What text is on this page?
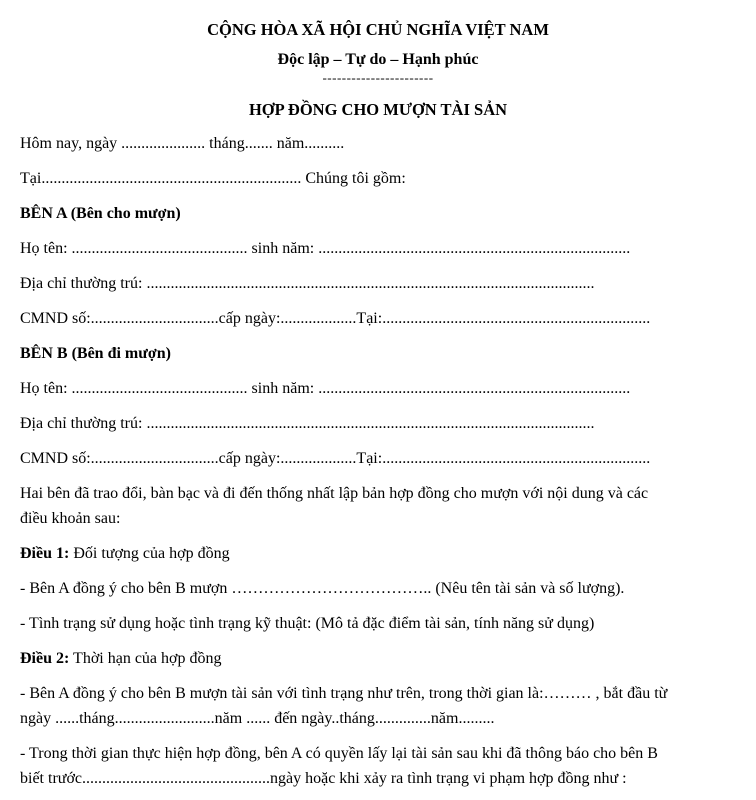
CỘNG HÒA XÃ HỘI CHỦ NGHĨA VIỆT NAM
Độc lập – Tự do – Hạnh phúc
-----------------------
HỢP ĐỒNG CHO MƯỢN TÀI SẢN
Hôm nay, ngày ..................... tháng....... năm..........
Tại................................................................. Chúng tôi gồm:
BÊN A (Bên cho mượn)
Họ tên: ............................................ sinh năm: ..............................................................................
Địa chỉ thường trú: ................................................................................................................
CMND số:................................cấp ngày:...................Tại:...................................................................
BÊN B (Bên đi mượn)
Họ tên: ............................................ sinh năm: ..............................................................................
Địa chỉ thường trú: ................................................................................................................
CMND số:................................cấp ngày:...................Tại:...................................................................
Hai bên đã trao đổi, bàn bạc và đi đến thống nhất lập bản hợp đồng cho mượn với nội dung và các
điều khoản sau:
Điều 1: Đối tượng của hợp đồng
- Bên A đồng ý cho bên B mượn ……………………………….. (Nêu tên tài sản và số lượng).
- Tình trạng sử dụng hoặc tình trạng kỹ thuật: (Mô tả đặc điểm tài sản, tính năng sử dụng)
Điều 2: Thời hạn của hợp đồng
- Bên A đồng ý cho bên B mượn tài sản với tình trạng như trên, trong thời gian là:……… , bắt đầu từ
ngày ......tháng.........................năm ...... đến ngày..tháng..............năm.........
- Trong thời gian thực hiện hợp đồng, bên A có quyền lấy lại tài sản sau khi đã thông báo cho bên B
biết trước...............................................ngày hoặc khi xảy ra tình trạng vi phạm hợp đồng như :
